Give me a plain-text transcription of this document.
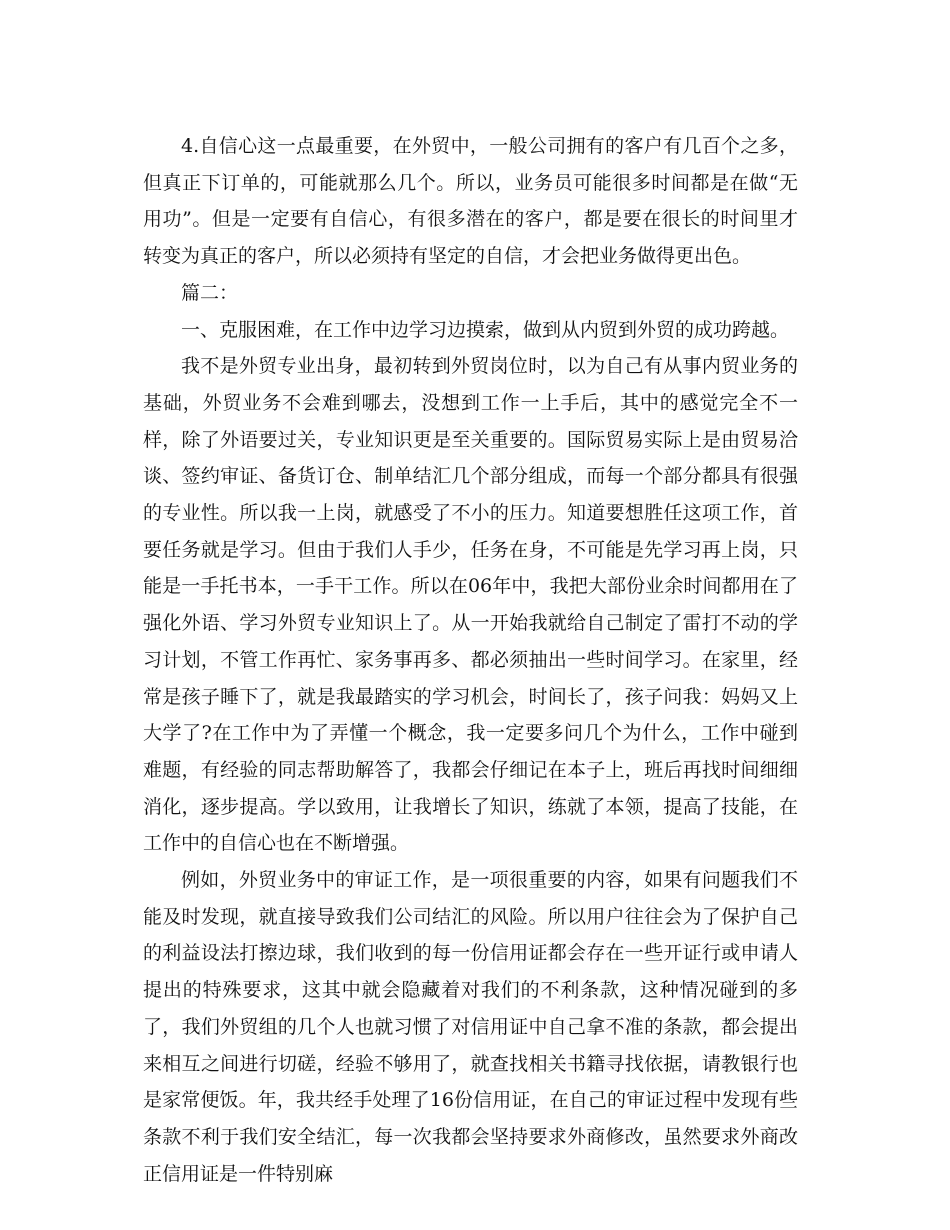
4.自信心这一点最重要，在外贸中，一般公司拥有的客户有几百个之多，但真正下订单的，可能就那么几个。所以，业务员可能很多时间都是在做“无用功”。但是一定要有自信心，有很多潜在的客户，都是要在很长的时间里才转变为真正的客户，所以必须持有坚定的自信，才会把业务做得更出色。

篇二：

一、克服困难，在工作中边学习边摸索，做到从内贸到外贸的成功跨越。

我不是外贸专业出身，最初转到外贸岗位时，以为自己有从事内贸业务的基础，外贸业务不会难到哪去，没想到工作一上手后，其中的感觉完全不一样，除了外语要过关，专业知识更是至关重要的。国际贸易实际上是由贸易洽谈、签约审证、备货订仓、制单结汇几个部分组成，而每一个部分都具有很强的专业性。所以我一上岗，就感受了不小的压力。知道要想胜任这项工作，首要任务就是学习。但由于我们人手少，任务在身，不可能是先学习再上岗，只能是一手托书本，一手干工作。所以在06年中，我把大部份业余时间都用在了强化外语、学习外贸专业知识上了。从一开始我就给自己制定了雷打不动的学习计划，不管工作再忙、家务事再多、都必须抽出一些时间学习。在家里，经常是孩子睡下了，就是我最踏实的学习机会，时间长了，孩子问我：妈妈又上大学了?在工作中为了弄懂一个概念，我一定要多问几个为什么，工作中碰到难题，有经验的同志帮助解答了，我都会仔细记在本子上，班后再找时间细细消化，逐步提高。学以致用，让我增长了知识，练就了本领，提高了技能，在工作中的自信心也在不断增强。

例如，外贸业务中的审证工作，是一项很重要的内容，如果有问题我们不能及时发现，就直接导致我们公司结汇的风险。所以用户往往会为了保护自己的利益设法打擦边球，我们收到的每一份信用证都会存在一些开证行或申请人提出的特殊要求，这其中就会隐藏着对我们的不利条款，这种情况碰到的多了，我们外贸组的几个人也就习惯了对信用证中自己拿不准的条款，都会提出来相互之间进行切磋，经验不够用了，就查找相关书籍寻找依据，请教银行也是家常便饭。年，我共经手处理了16份信用证，在自己的审证过程中发现有些条款不利于我们安全结汇，每一次我都会坚持要求外商修改，虽然要求外商改正信用证是一件特别麻
